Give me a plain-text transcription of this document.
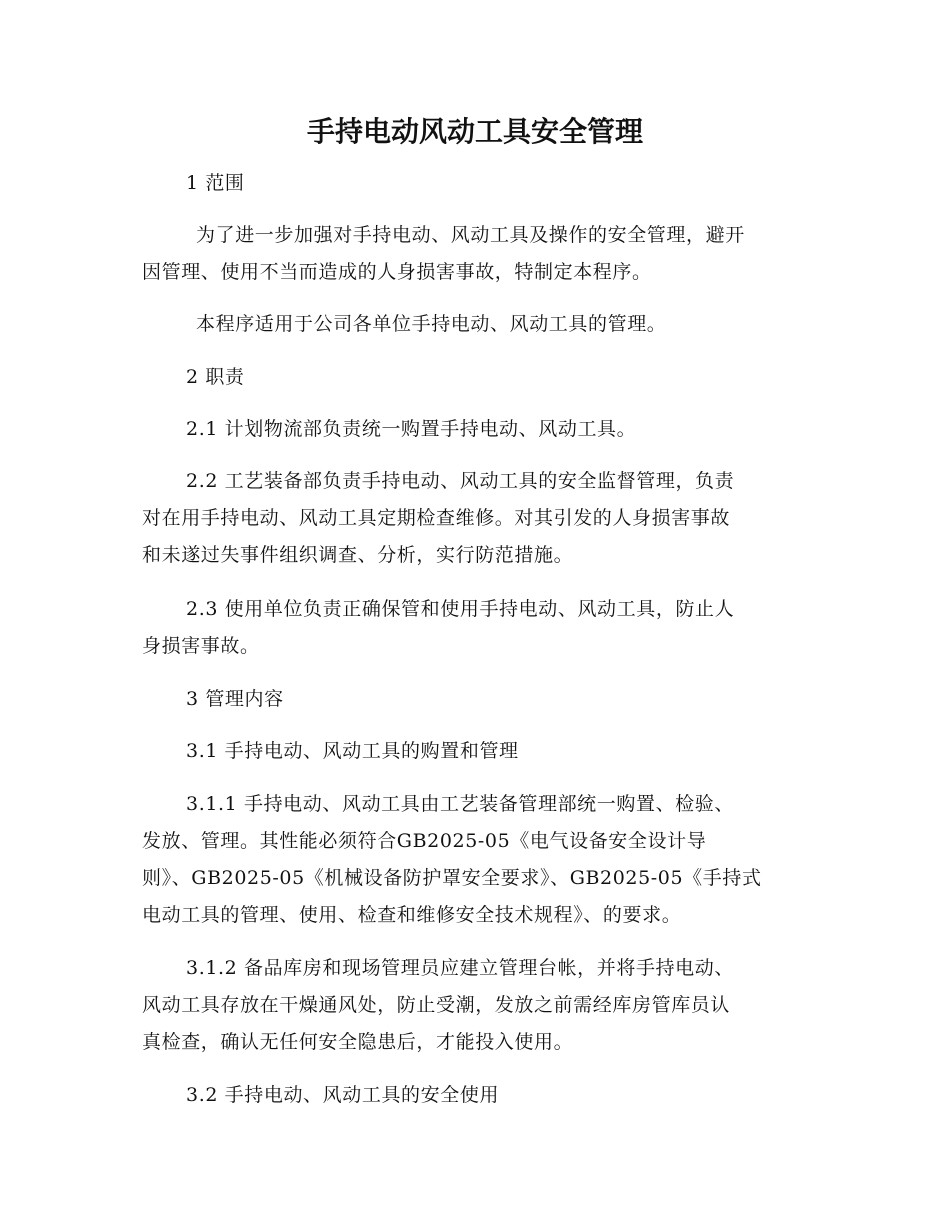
手持电动风动工具安全管理
1 范围
为了进一步加强对手持电动、风动工具及操作的安全管理，避开
因管理、使用不当而造成的人身损害事故，特制定本程序。
本程序适用于公司各单位手持电动、风动工具的管理。
2 职责
2.1 计划物流部负责统一购置手持电动、风动工具。
2.2 工艺装备部负责手持电动、风动工具的安全监督管理，负责
对在用手持电动、风动工具定期检查维修。对其引发的人身损害事故
和未遂过失事件组织调查、分析，实行防范措施。
2.3 使用单位负责正确保管和使用手持电动、风动工具，防止人
身损害事故。
3 管理内容
3.1 手持电动、风动工具的购置和管理
3.1.1 手持电动、风动工具由工艺装备管理部统一购置、检验、
发放、管理。其性能必须符合GB2025-05《电气设备安全设计导
则》、GB2025-05《机械设备防护罩安全要求》、GB2025-05《手持式
电动工具的管理、使用、检查和维修安全技术规程》、的要求。
3.1.2 备品库房和现场管理员应建立管理台帐，并将手持电动、
风动工具存放在干燥通风处，防止受潮，发放之前需经库房管库员认
真检查，确认无任何安全隐患后，才能投入使用。
3.2 手持电动、风动工具的安全使用
